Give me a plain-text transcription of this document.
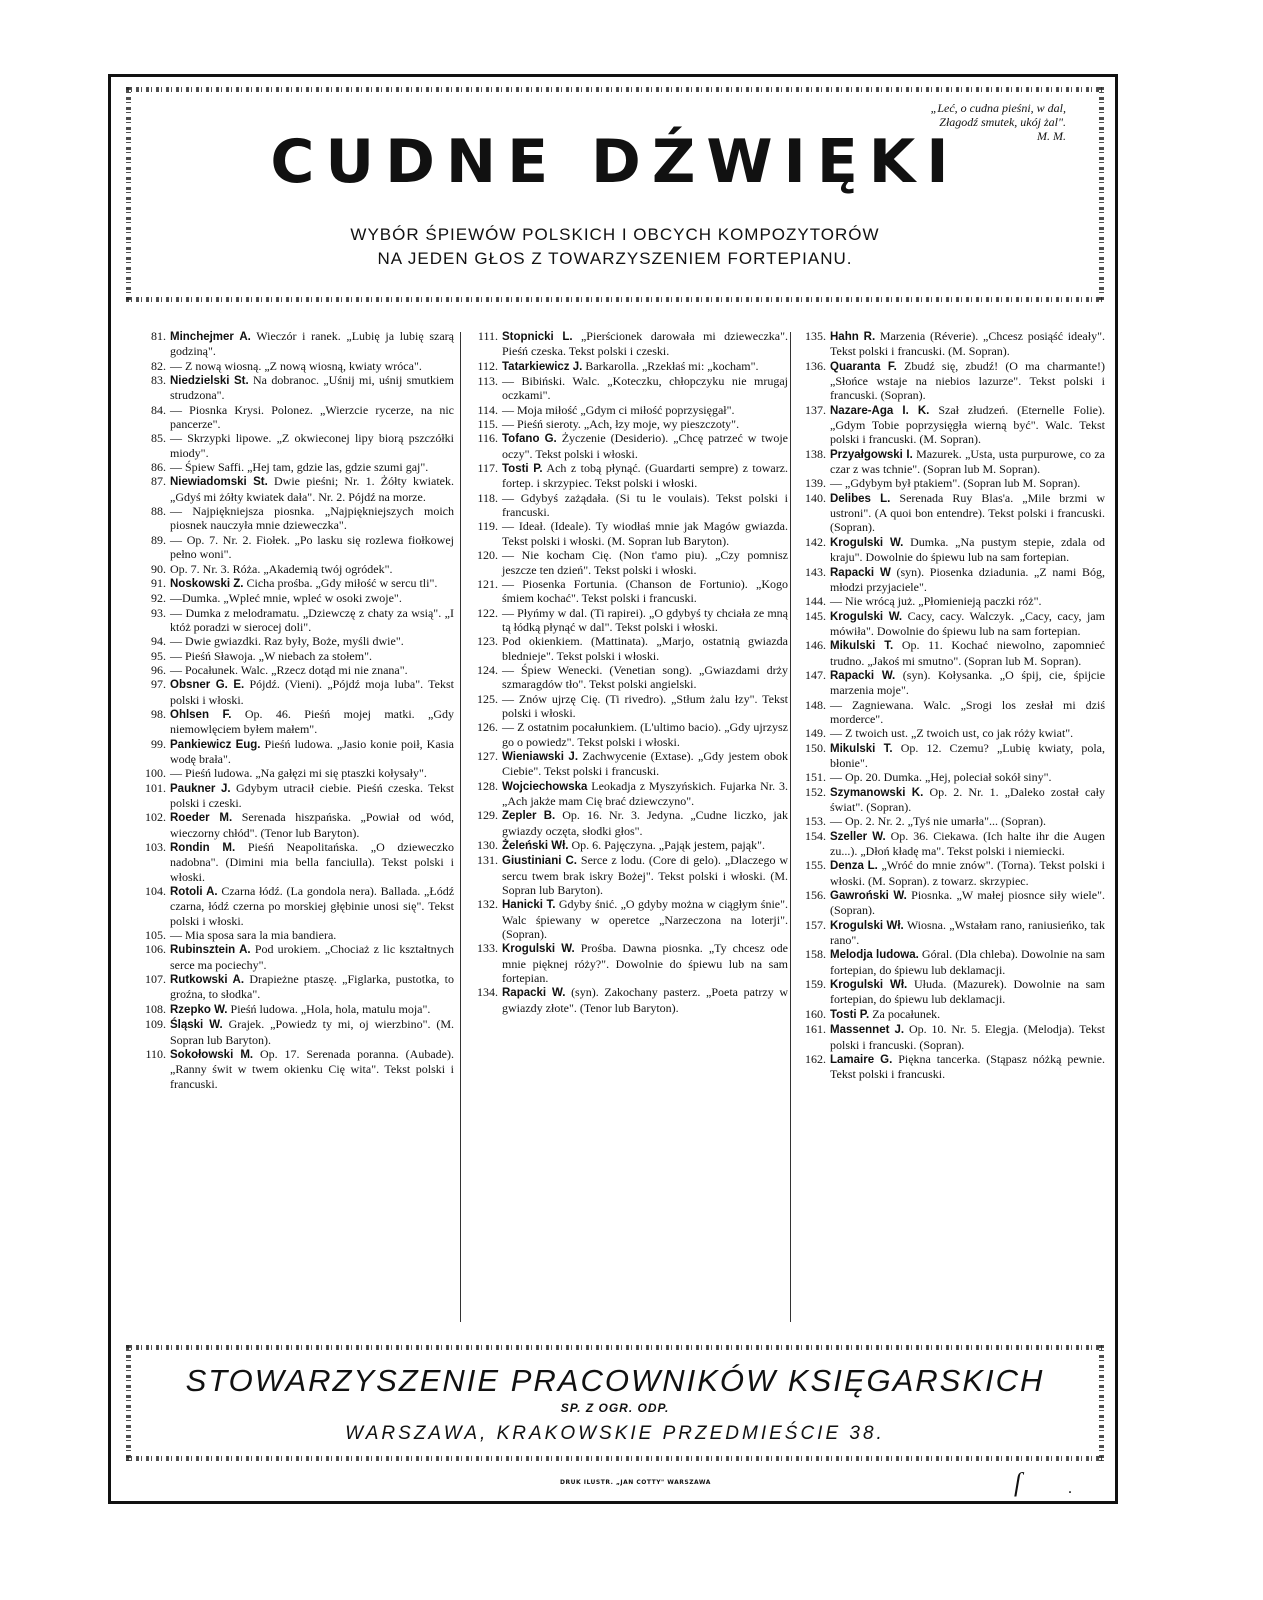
„Leć, o cudna pieśni, w dal,
Złagodź smutek, ukój żal".
M. M.
CUDNE DŹWIĘKI
WYBÓR ŚPIEWÓW POLSKICH I OBCYCH KOMPOZYTORÓW
NA JEDEN GŁOS Z TOWARZYSZENIEM FORTEPIANU.
81. Minchejmer A. Wieczór i ranek. „Lubię ja lubię szarą godziną".
82. — Z nową wiosną. „Z nową wiosną, kwiaty wróca".
83. Niedzielski St. Na dobranoc. „Uśnij mi, uśnij smutkiem strudzona".
84. — Piosnka Krysi. Polonez. „Wierzcie rycerze, na nic pancerze".
85. — Skrzypki lipowe. „Z okwieconej lipy biorą pszczółki miody".
86. — Śpiew Saffi. „Hej tam, gdzie las, gdzie szumi gaj".
87. Niewiadomski St. Dwie pieśni; Nr. 1. Żółty kwiatek. „Gdyś mi żółty kwiatek dała". Nr. 2. Pójdź na morze.
88. — Najpiękniejsza piosnka. „Najpiękniejszych moich piosnek nauczyła mnie dzieweczka".
89. — Op. 7. Nr. 2. Fiołek. „Po lasku się rozlewa fiołkowej pełno woni".
90. Op. 7. Nr. 3. Róża. „Akademią twój ogródek".
91. Noskowski Z. Cicha prośba. „Gdy miłość w sercu tli".
92. —Dumka. „Wpleć mnie, wpleć w osoki zwoje".
93. — Dumka z melodramatu. „Dziewczę z chaty za wsią". „I któż poradzi w sierocej doli".
94. — Dwie gwiazdki. Raz były, Boże, myśli dwie".
95. — Pieśń Sławoja. „W niebach za stołem".
96. — Pocałunek. Walc. „Rzecz dotąd mi nie znana".
97. Obsner G. E. Pójdź. (Vieni). „Pójdź moja luba". Tekst polski i włoski.
98. Ohlsen F. Op. 46. Pieśń mojej matki. „Gdy niemowlęciem byłem małem".
99. Pankiewicz Eug. Pieśń ludowa. „Jasio konie poił, Kasia wodę brała".
100. — Pieśń ludowa. „Na gałęzi mi się ptaszki kołysały".
101. Paukner J. Gdybym utracił ciebie. Pieśń czeska. Tekst polski i czeski.
102. Roeder M. Serenada hiszpańska. „Powiał od wód, wieczorny chłód". (Tenor lub Baryton).
103. Rondin M. Pieśń Neapolitańska. „O dzieweczko nadobna". (Dimini mia bella fanciulla). Tekst polski i włoski.
104. Rotoli A. Czarna łódź. (La gondola nera). Ballada. „Łódź czarna, łódź czerna po morskiej głębinie unosi się". Tekst polski i włoski.
105. — Mia sposa sara la mia bandiera.
106. Rubinsztein A. Pod urokiem. „Chociaż z lic kształtnych serce ma pociechy".
107. Rutkowski A. Drapieżne ptaszę. „Figlarka, pustotka, to groźna, to słodka".
108. Rzepko W. Pieśń ludowa. „Hola, hola, matulu moja".
109. Śląski W. Grajek. „Powiedz ty mi, oj wierzbino". (M. Sopran lub Baryton).
110. Sokołowski M. Op. 17. Serenada poranna. (Aubade). „Ranny świt w twem okienku Cię wita". Tekst polski i francuski.
111. Stopnicki L. „Pierścionek darowała mi dzieweczka". Pieśń czeska. Tekst polski i czeski.
112. Tatarkiewicz J. Barkarolla. „Rzekłaś mi: „kocham".
113. — Bibiński. Walc. „Koteczku, chłopczyku nie mrugaj oczkami".
114. — Moja miłość „Gdym ci miłość poprzysięgał".
115. — Pieśń sieroty. „Ach, łzy moje, wy pieszczoty".
116. Tofano G. Życzenie (Desiderio). „Chcę patrzeć w twoje oczy". Tekst polski i włoski.
117. Tosti P. Ach z tobą płynąć. (Guardarti sempre) z towarz. fortep. i skrzypiec. Tekst polski i włoski.
118. — Gdybyś zażądała. (Si tu le voulais). Tekst polski i francuski.
119. — Ideał. (Ideale). Ty wiodłaś mnie jak Magów gwiazda. Tekst polski i włoski. (M. Sopran lub Baryton).
120. — Nie kocham Cię. (Non t'amo piu). „Czy pomnisz jeszcze ten dzień". Tekst polski i włoski.
121. — Piosenka Fortunia. (Chanson de Fortunio). „Kogo śmiem kochać". Tekst polski i francuski.
122. — Płyńmy w dal. (Ti rapirei). „O gdybyś ty chciała ze mną tą łódką płynąć w dal". Tekst polski i włoski.
123. Pod okienkiem. (Mattinata). „Marjo, ostatnią gwiazda blednieje". Tekst polski i włoski.
124. — Śpiew Wenecki. (Venetian song). „Gwiazdami drży szmaragdów tło". Tekst polski angielski.
125. — Znów ujrzę Cię. (Ti rivedro). „Stłum żalu łzy". Tekst polski i włoski.
126. — Z ostatnim pocałunkiem. (L'ultimo bacio). „Gdy ujrzysz go o powiedz". Tekst polski i włoski.
127. Wieniawski J. Zachwycenie (Extase). „Gdy jestem obok Ciebie". Tekst polski i francuski.
128. Wojciechowska Leokadja z Myszyńskich. Fujarka Nr. 3. „Ach jakże mam Cię brać dziewczyno".
129. Zepler B. Op. 16. Nr. 3. Jedyna. „Cudne liczko, jak gwiazdy oczęta, słodki głos".
130. Żeleński Wł. Op. 6. Pajęczyna. „Pająk jestem, pająk".
131. Giustiniani C. Serce z lodu. (Core di gelo). „Dlaczego w sercu twem brak iskry Bożej". Tekst polski i włoski. (M. Sopran lub Baryton).
132. Hanicki T. Gdyby śnić. „O gdyby można w ciągłym śnie". Walc śpiewany w operetce „Narzeczona na loterji". (Sopran).
133. Krogulski W. Prośba. Dawna piosnka. „Ty chcesz ode mnie pięknej róży?". Dowolnie do śpiewu lub na sam fortepian.
134. Rapacki W. (syn). Zakochany pasterz. „Poeta patrzy w gwiazdy złote". (Tenor lub Baryton).
135. Hahn R. Marzenia (Réverie). „Chcesz posiąść ideały". Tekst polski i francuski. (M. Sopran).
136. Quaranta F. Zbudź się, zbudź! (O ma charmante!) „Słońce wstaje na niebios lazurze". Tekst polski i francuski. (Sopran).
137. Nazare-Aga I. K. Szał złudzeń. (Eternelle Folie). „Gdym Tobie poprzysięgła wierną być". Walc. Tekst polski i francuski. (M. Sopran).
138. Przyałgowski I. Mazurek. „Usta, usta purpurowe, co za czar z was tchnie". (Sopran lub M. Sopran).
139. — „Gdybym był ptakiem". (Sopran lub M. Sopran).
140. Delibes L. Serenada Ruy Blas'a. „Mile brzmi w ustroni". (A quoi bon entendre). Tekst polski i francuski. (Sopran).
142. Krogulski W. Dumka. „Na pustym stepie, zdala od kraju". Dowolnie do śpiewu lub na sam fortepian.
143. Rapacki W (syn). Piosenka dziadunia. „Z nami Bóg, młodzi przyjaciele".
144. — Nie wrócą już. „Płomienieją paczki róż".
145. Krogulski W. Cacy, cacy. Walczyk. „Cacy, cacy, jam mówiła". Dowolnie do śpiewu lub na sam fortepian.
146. Mikulski T. Op. 11. Kochać niewolno, zapomnieć trudno. „Jakoś mi smutno". (Sopran lub M. Sopran).
147. Rapacki W. (syn). Kołysanka. „O śpij, cie, śpijcie marzenia moje".
148. — Zagniewana. Walc. „Srogi los zesłał mi dziś morderce".
149. — Z twoich ust. „Z twoich ust, co jak róży kwiat".
150. Mikulski T. Op. 12. Czemu? „Lubię kwiaty, pola, błonie".
151. — Op. 20. Dumka. „Hej, poleciał sokół siny".
152. Szymanowski K. Op. 2. Nr. 1. „Daleko został cały świat". (Sopran).
153. — Op. 2. Nr. 2. „Tyś nie umarła"... (Sopran).
154. Szeller W. Op. 36. Ciekawa. (Ich halte ihr die Augen zu...). „Dłoń kładę ma". Tekst polski i niemiecki.
155. Denza L. „Wróć do mnie znów". (Torna). Tekst polski i włoski. (M. Sopran). z towarz. skrzypiec.
156. Gawroński W. Piosnka. „W małej piosnce siły wiele". (Sopran).
157. Krogulski Wł. Wiosna. „Wstałam rano, raniusieńko, tak rano".
158. Melodja ludowa. Góral. (Dla chleba). Dowolnie na sam fortepian, do śpiewu lub deklamacji.
159. Krogulski Wł. Ułuda. (Mazurek). Dowolnie na sam fortepian, do śpiewu lub deklamacji.
160. Tosti P. Za pocałunek.
161. Massennet J. Op. 10. Nr. 5. Elegja. (Melodja). Tekst polski i francuski. (Sopran).
162. Lamaire G. Piękna tancerka. (Stąpasz nóżką pewnie. Tekst polski i francuski.
STOWARZYSZENIE PRACOWNIKÓW KSIĘGARSKICH
SP. Z OGR. ODP.
WARSZAWA, KRAKOWSKIE PRZEDMIEŚCIE 38.
DRUK ILUSTR. „JAN COTTY" WARSZAWA	ſ	.
